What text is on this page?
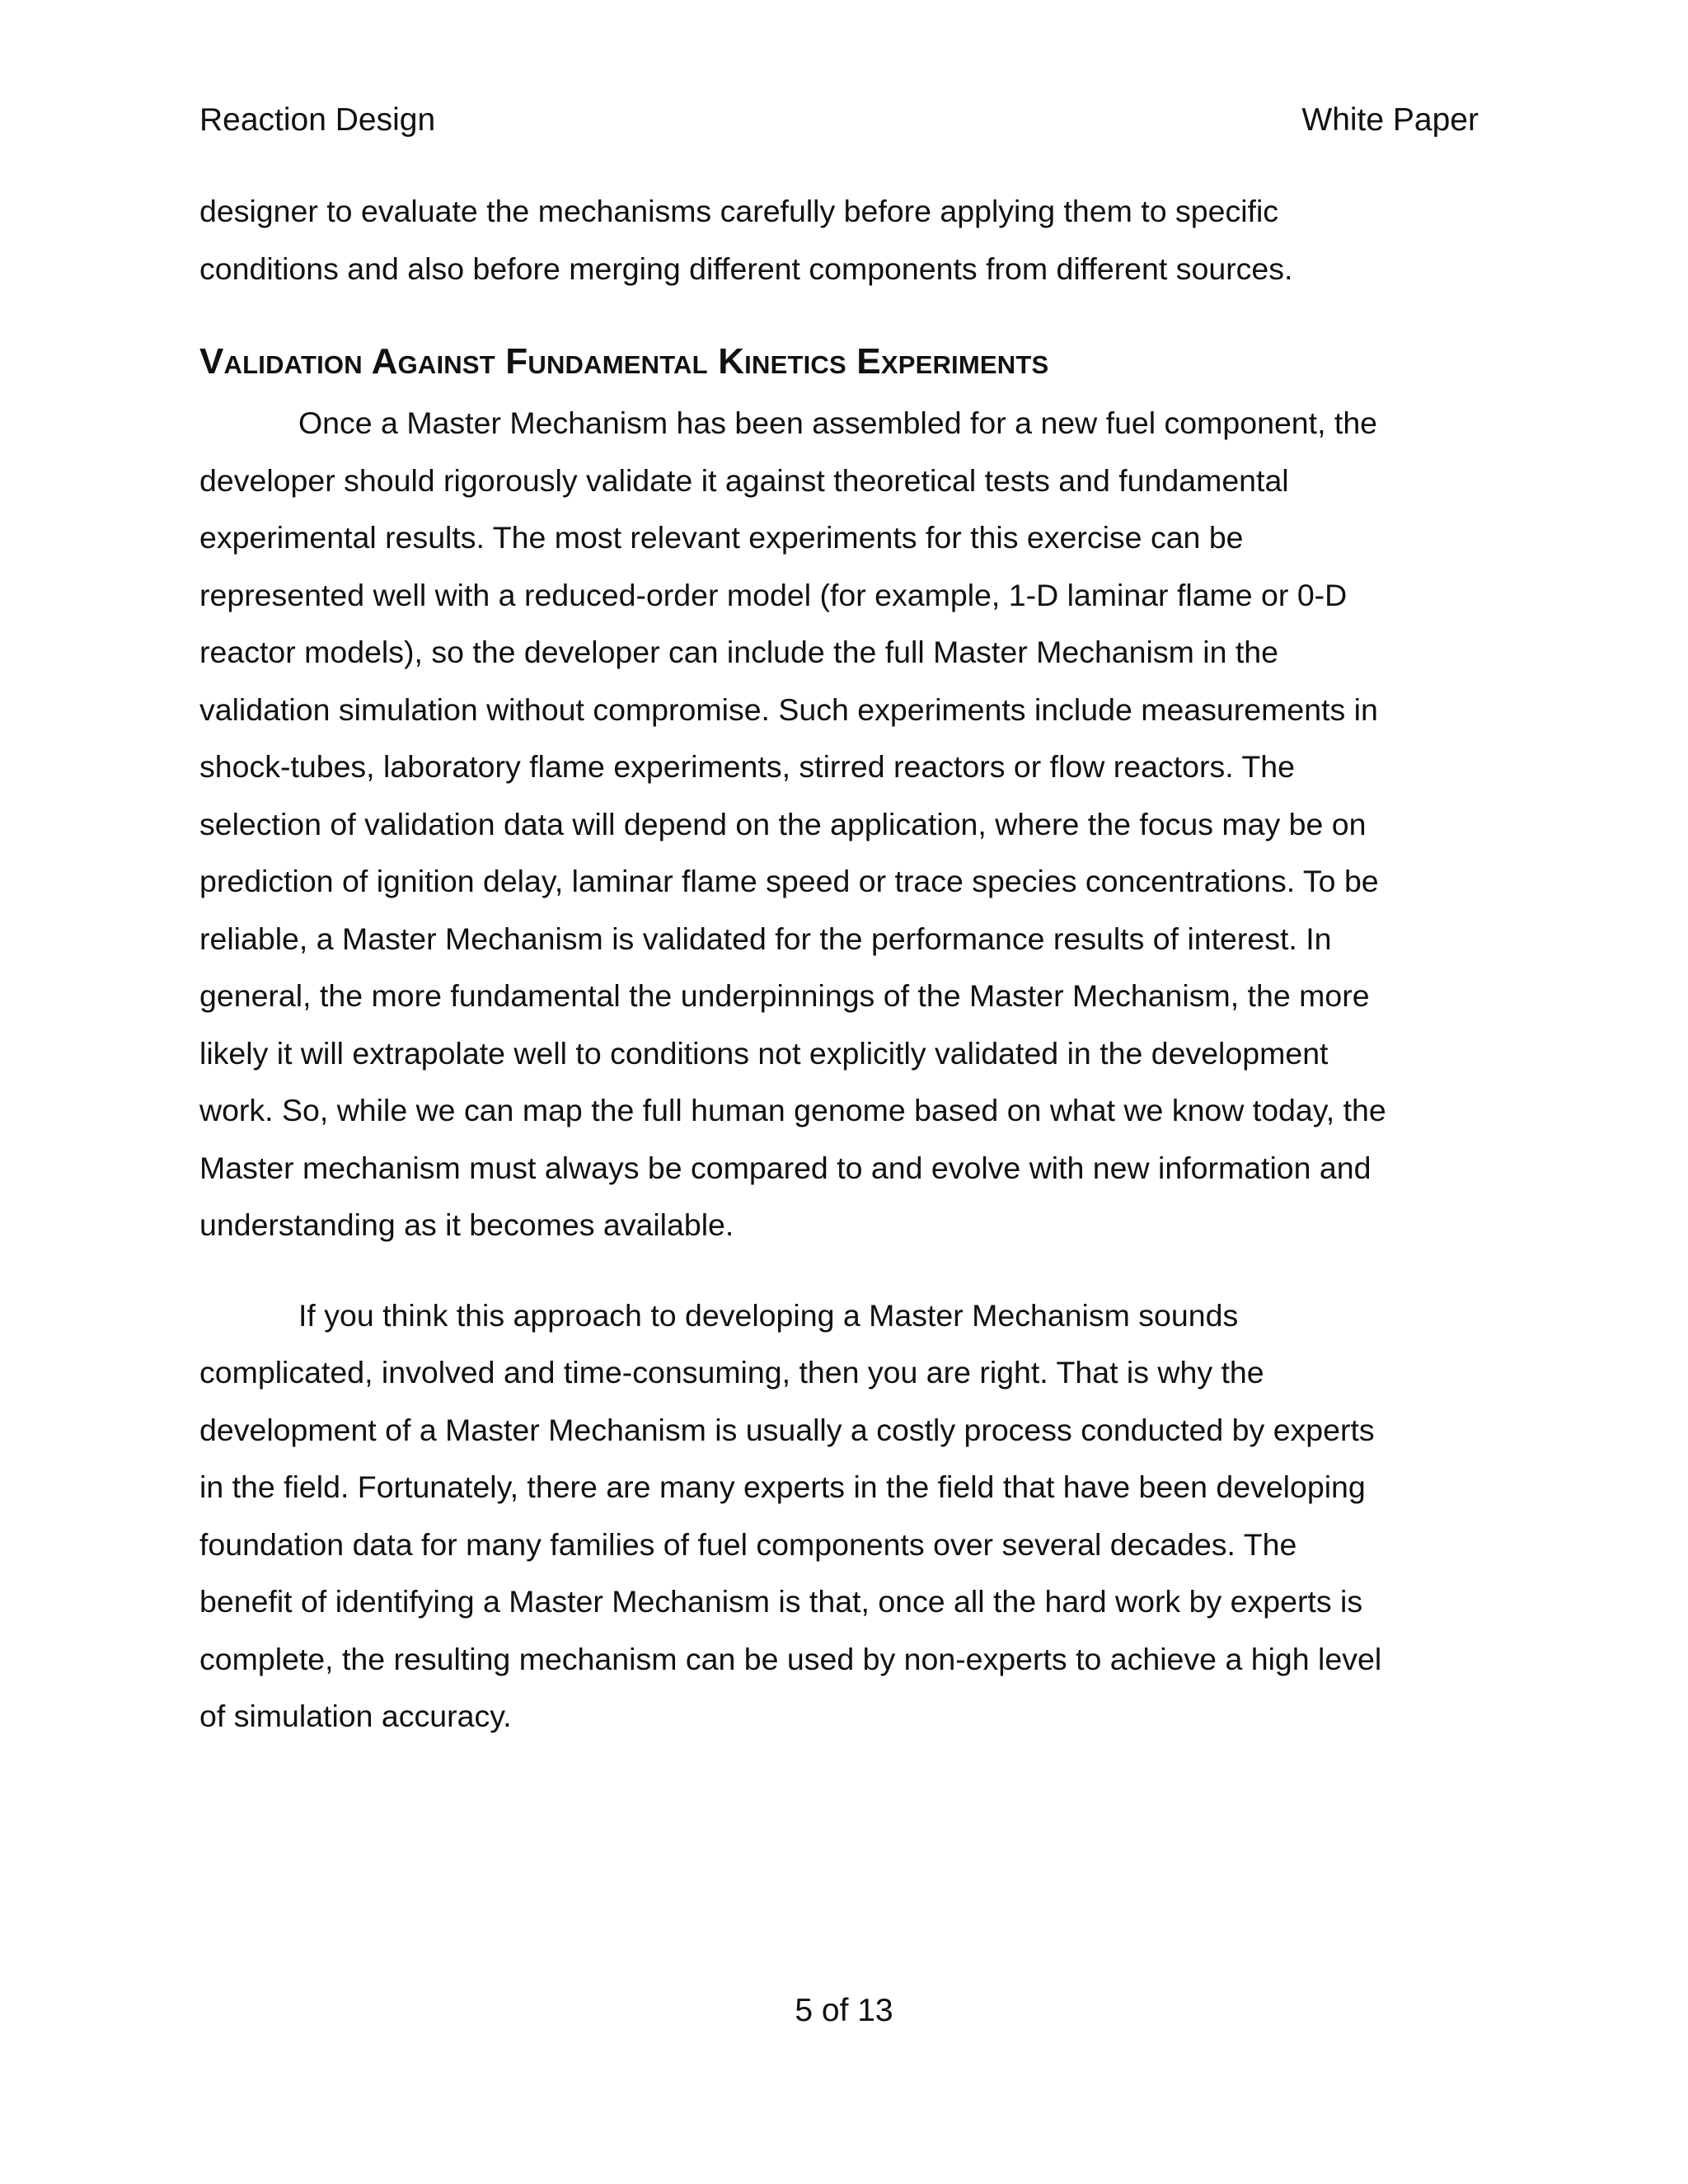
Reaction Design	White Paper

designer to evaluate the mechanisms carefully before applying them to specific
conditions and also before merging different components from different sources.

Validation Against Fundamental Kinetics Experiments

Once a Master Mechanism has been assembled for a new fuel component, the
developer should rigorously validate it against theoretical tests and fundamental
experimental results. The most relevant experiments for this exercise can be
represented well with a reduced-order model (for example, 1-D laminar flame or 0-D
reactor models), so the developer can include the full Master Mechanism in the
validation simulation without compromise. Such experiments include measurements in
shock-tubes, laboratory flame experiments, stirred reactors or flow reactors. The
selection of validation data will depend on the application, where the focus may be on
prediction of ignition delay, laminar flame speed or trace species concentrations. To be
reliable, a Master Mechanism is validated for the performance results of interest. In
general, the more fundamental the underpinnings of the Master Mechanism, the more
likely it will extrapolate well to conditions not explicitly validated in the development
work. So, while we can map the full human genome based on what we know today, the
Master mechanism must always be compared to and evolve with new information and
understanding as it becomes available.

If you think this approach to developing a Master Mechanism sounds
complicated, involved and time-consuming, then you are right. That is why the
development of a Master Mechanism is usually a costly process conducted by experts
in the field. Fortunately, there are many experts in the field that have been developing
foundation data for many families of fuel components over several decades. The
benefit of identifying a Master Mechanism is that, once all the hard work by experts is
complete, the resulting mechanism can be used by non-experts to achieve a high level
of simulation accuracy.

5 of 13
